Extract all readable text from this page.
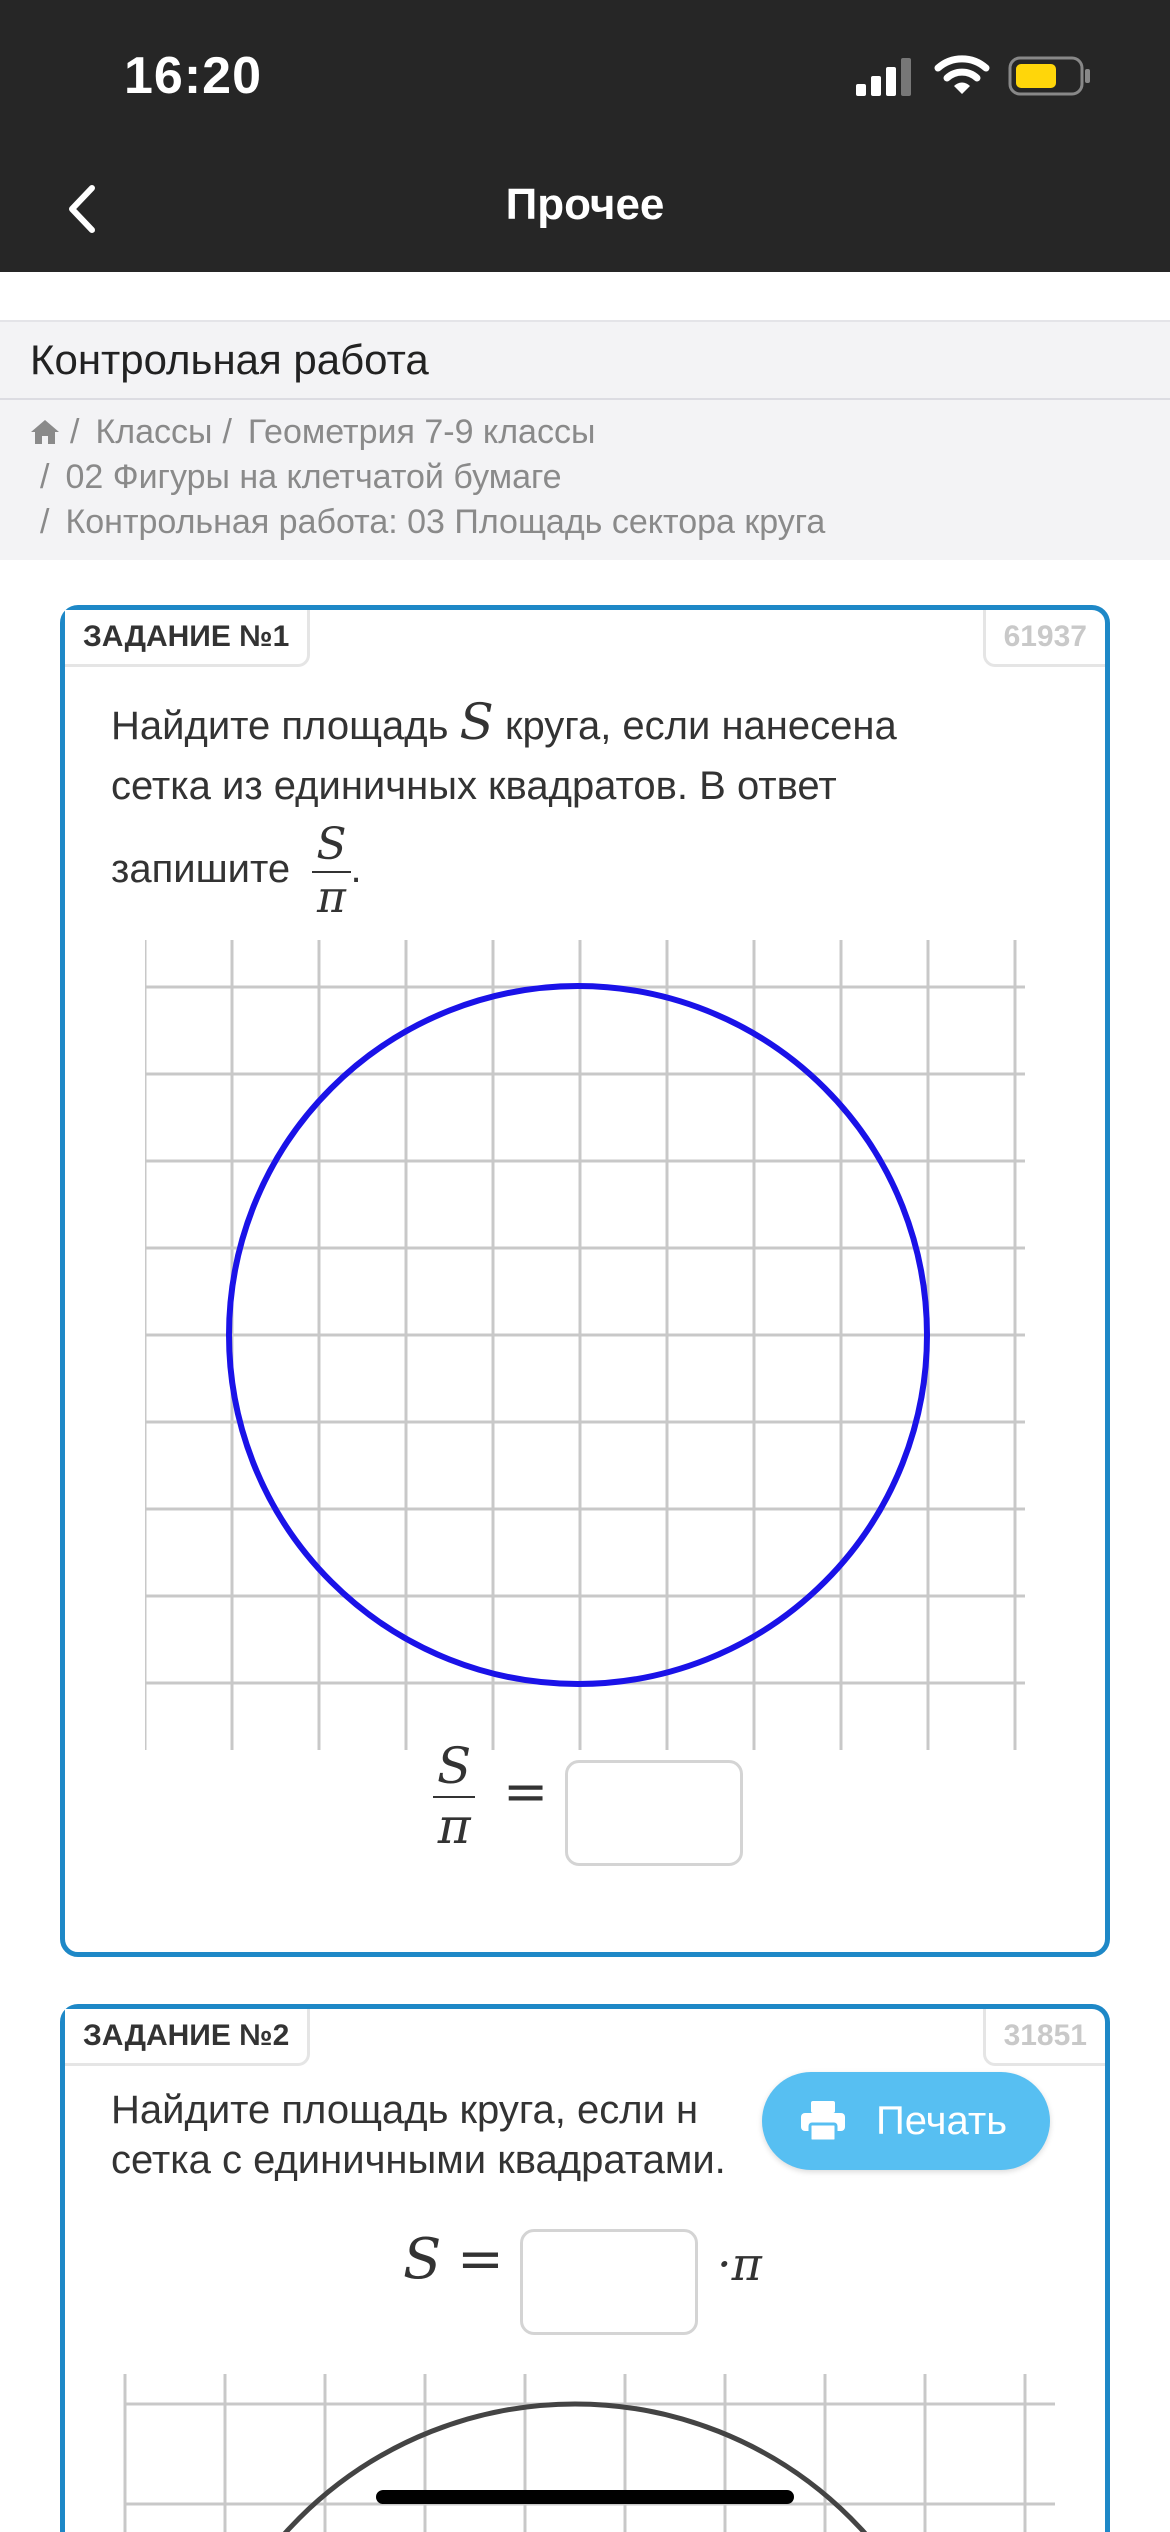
16:20
Прочее
Контрольная работа
/ Классы / Геометрия 7-9 классы
/ 02 Фигуры на клетчатой бумаге
/ Контрольная работа: 03 Площадь сектора круга
ЗАДАНИЕ №1	61937
Найдите площадь S круга, если нанесена
сетка из единичных квадратов. В ответ
запишите $\frac{S}{\pi}$ .
$\frac{S}{\pi}$ =
ЗАДАНИЕ №2	31851
Найдите площадь круга, если н
сетка с единичными квадратами.
S =	·π
Печать
